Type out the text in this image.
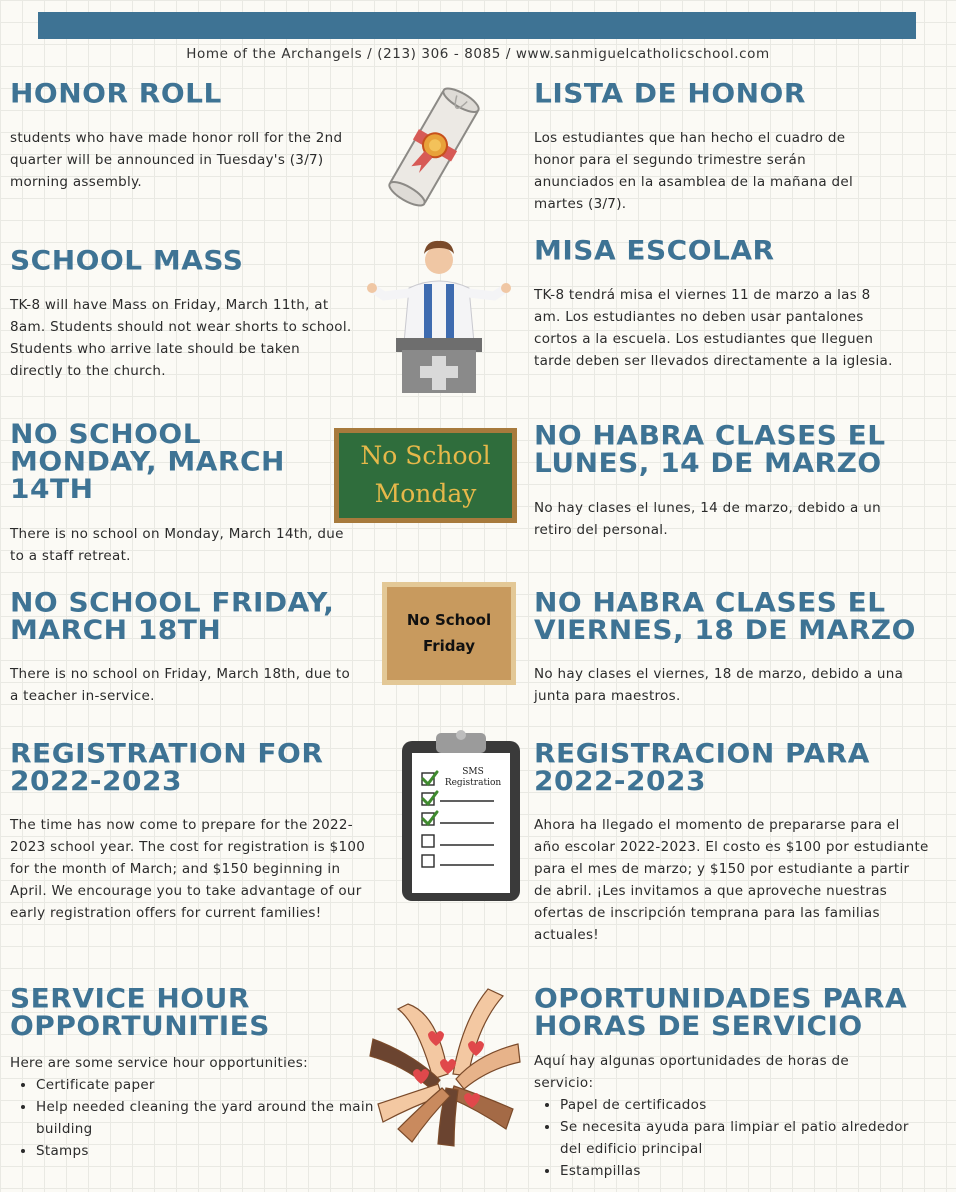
Home of the Archangels / (213) 306 - 8085 / www.sanmiguelcatholicschool.com
HONOR ROLL
students who have made honor roll for the 2nd quarter will be announced in Tuesday's (3/7) morning assembly.
LISTA DE HONOR
Los estudiantes que han hecho el cuadro de honor para el segundo trimestre serán anunciados en la asamblea de la mañana del martes (3/7).
SCHOOL MASS
TK-8 will have Mass on Friday, March 11th, at 8am. Students should not wear shorts to school. Students who arrive late should be taken directly to the church.
MISA ESCOLAR
TK-8 tendrá misa el viernes 11 de marzo a las 8 am. Los estudiantes no deben usar pantalones cortos a la escuela. Los estudiantes que lleguen tarde deben ser llevados directamente a la iglesia.
NO SCHOOL MONDAY, MARCH 14TH
There is no school on Monday, March 14th, due to a staff retreat.
No School
Monday
NO HABRA CLASES EL LUNES, 14 DE MARZO
No hay clases el lunes, 14 de marzo, debido a un retiro del personal.
NO SCHOOL FRIDAY, MARCH 18TH
There is no school on Friday, March 18th, due to a teacher in-service.
No School
Friday
NO HABRA CLASES EL VIERNES, 18 DE MARZO
No hay clases el viernes, 18 de marzo, debido a una junta para maestros.
REGISTRATION FOR 2022-2023
The time has now come to prepare for the 2022-2023 school year. The cost for registration is $100 for the month of March; and $150 beginning in April. We encourage you to take advantage of our early registration offers for current families!
SMS
Registration
REGISTRACION PARA 2022-2023
Ahora ha llegado el momento de prepararse para el año escolar 2022-2023. El costo es $100 por estudiante para el mes de marzo; y $150 por estudiante a partir de abril. ¡Les invitamos a que aproveche nuestras ofertas de inscripción temprana para las familias actuales!
SERVICE HOUR OPPORTUNITIES
Here are some service hour opportunities:
• Certificate paper
• Help needed cleaning the yard around the main building
• Stamps
OPORTUNIDADES PARA HORAS DE SERVICIO
Aquí hay algunas oportunidades de horas de servicio:
• Papel de certificados
• Se necesita ayuda para limpiar el patio alrededor del edificio principal
• Estampillas
